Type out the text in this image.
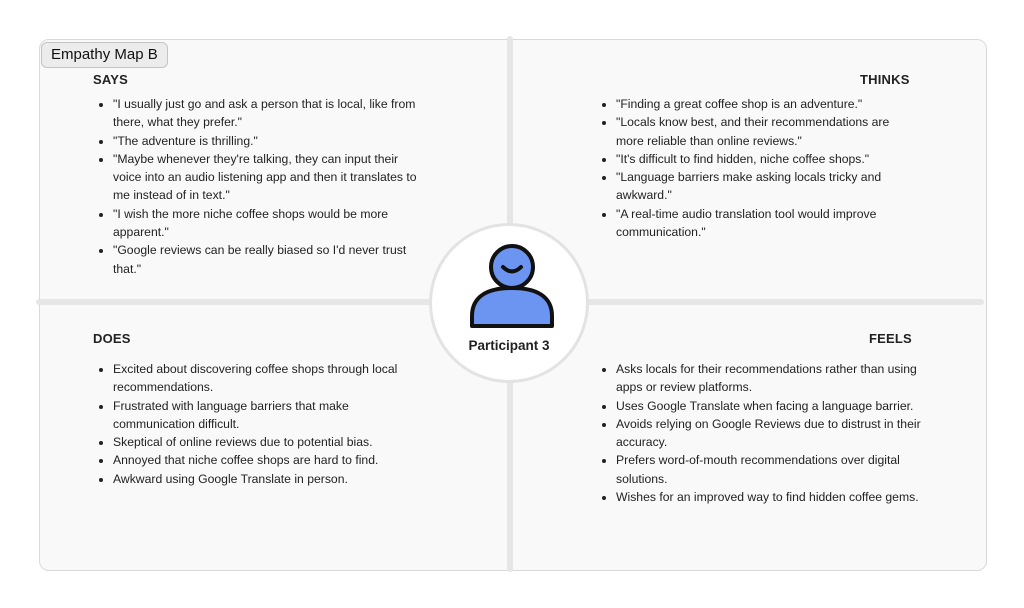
Empathy Map B
SAYS
• "I usually just go and ask a person that is local, like from there, what they prefer."
• "The adventure is thrilling."
• "Maybe whenever they're talking, they can input their voice into an audio listening app and then it translates to me instead of in text."
• "I wish the more niche coffee shops would be more apparent."
• "Google reviews can be really biased so I'd never trust that."
THINKS
• "Finding a great coffee shop is an adventure."
• "Locals know best, and their recommendations are more reliable than online reviews."
• "It's difficult to find hidden, niche coffee shops."
• "Language barriers make asking locals tricky and awkward."
• "A real-time audio translation tool would improve communication."
DOES
• Excited about discovering coffee shops through local recommendations.
• Frustrated with language barriers that make communication difficult.
• Skeptical of online reviews due to potential bias.
• Annoyed that niche coffee shops are hard to find.
• Awkward using Google Translate in person.
FEELS
• Asks locals for their recommendations rather than using apps or review platforms.
• Uses Google Translate when facing a language barrier.
• Avoids relying on Google Reviews due to distrust in their accuracy.
• Prefers word-of-mouth recommendations over digital solutions.
• Wishes for an improved way to find hidden coffee gems.
Participant 3
